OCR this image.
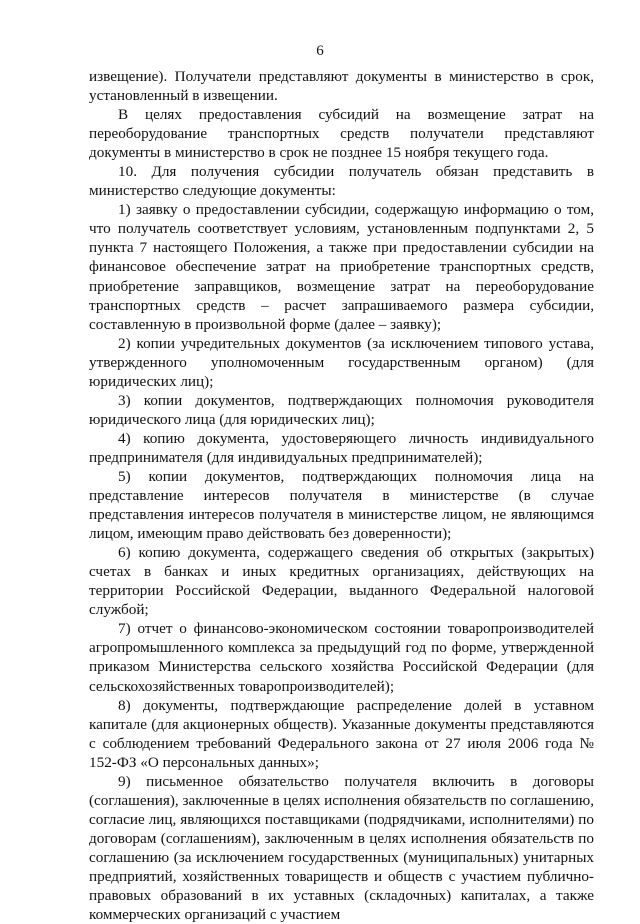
6

извещение). Получатели представляют документы в министерство в срок, установленный в извещении.

В целях предоставления субсидий на возмещение затрат на переоборудование транспортных средств получатели представляют документы в министерство в срок не позднее 15 ноября текущего года.

10. Для получения субсидии получатель обязан представить в министерство следующие документы:

1) заявку о предоставлении субсидии, содержащую информацию о том, что получатель соответствует условиям, установленным подпунктами 2, 5 пункта 7 настоящего Положения, а также при предоставлении субсидии на финансовое обеспечение затрат на приобретение транспортных средств, приобретение заправщиков, возмещение затрат на переоборудование транспортных средств – расчет запрашиваемого размера субсидии, составленную в произвольной форме (далее – заявку);

2) копии учредительных документов (за исключением типового устава, утвержденного уполномоченным государственным органом) (для юридических лиц);

3) копии документов, подтверждающих полномочия руководителя юридического лица (для юридических лиц);

4) копию документа, удостоверяющего личность индивидуального предпринимателя (для индивидуальных предпринимателей);

5) копии документов, подтверждающих полномочия лица на представление интересов получателя в министерстве (в случае представления интересов получателя в министерстве лицом, не являющимся лицом, имеющим право действовать без доверенности);

6) копию документа, содержащего сведения об открытых (закрытых) счетах в банках и иных кредитных организациях, действующих на территории Российской Федерации, выданного Федеральной налоговой службой;

7) отчет о финансово-экономическом состоянии товаропроизводителей агропромышленного комплекса за предыдущий год по форме, утвержденной приказом Министерства сельского хозяйства Российской Федерации (для сельскохозяйственных товаропроизводителей);

8) документы, подтверждающие распределение долей в уставном капитале (для акционерных обществ). Указанные документы представляются с соблюдением требований Федерального закона от 27 июля 2006 года № 152-ФЗ «О персональных данных»;

9) письменное обязательство получателя включить в договоры (соглашения), заключенные в целях исполнения обязательств по соглашению, согласие лиц, являющихся поставщиками (подрядчиками, исполнителями) по договорам (соглашениям), заключенным в целях исполнения обязательств по соглашению (за исключением государственных (муниципальных) унитарных предприятий, хозяйственных товариществ и обществ с участием публично-правовых образований в их уставных (складочных) капиталах, а также коммерческих организаций с участием
